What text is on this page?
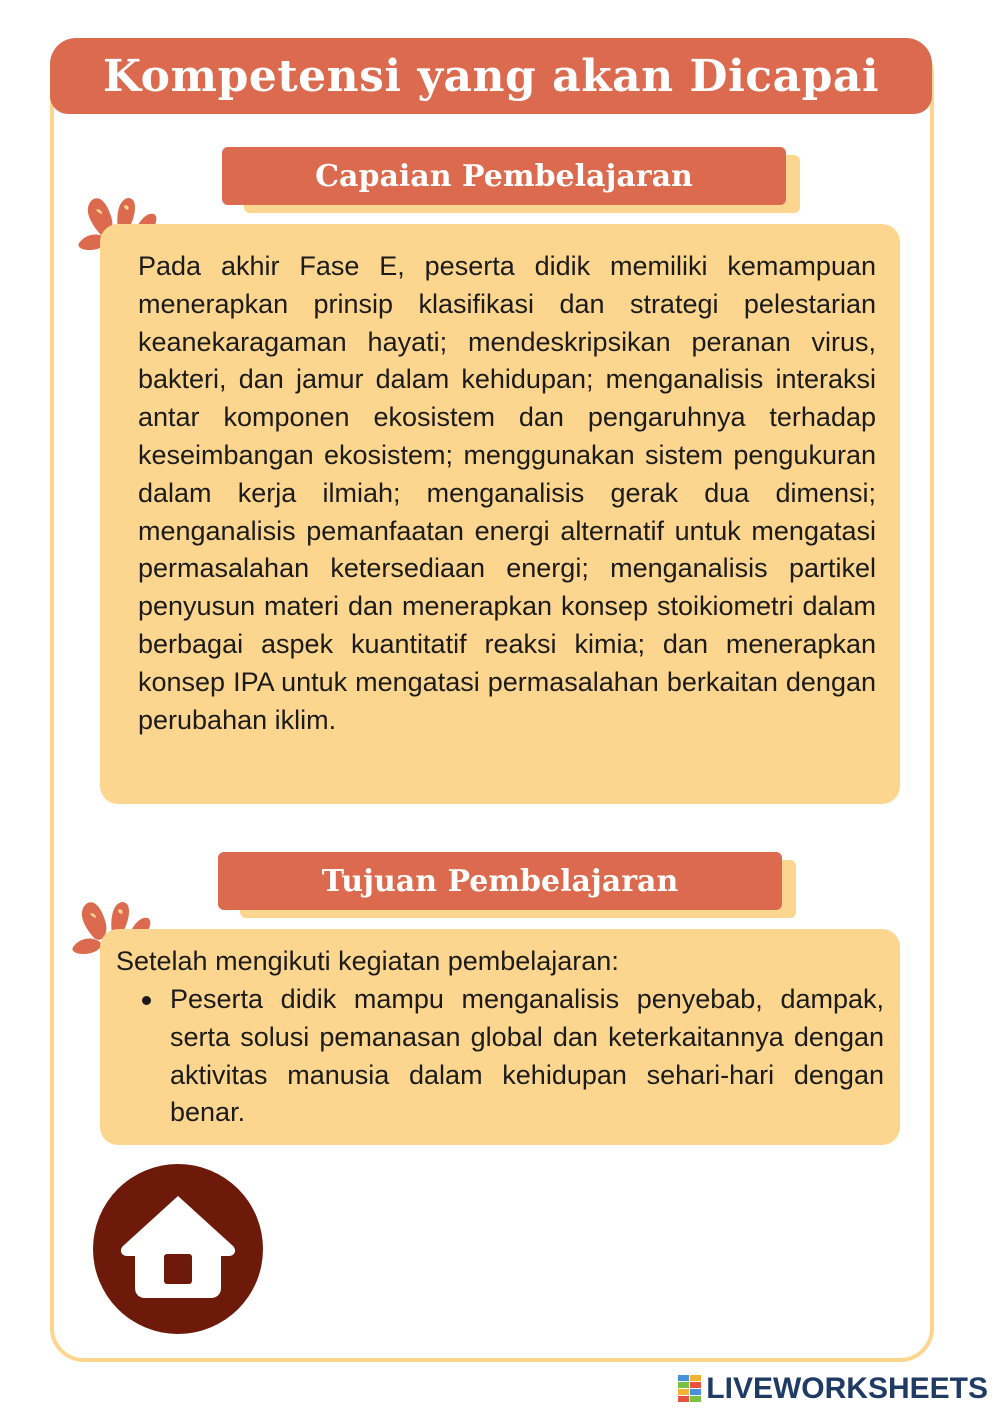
Kompetensi yang akan Dicapai
Capaian Pembelajaran

Pada akhir Fase E, peserta didik memiliki kemampuan menerapkan prinsip klasifikasi dan strategi pelestarian keanekaragaman hayati; mendeskripsikan peranan virus, bakteri, dan jamur dalam kehidupan; menganalisis interaksi antar komponen ekosistem dan pengaruhnya terhadap keseimbangan ekosistem; menggunakan sistem pengukuran dalam kerja ilmiah; menganalisis gerak dua dimensi; menganalisis pemanfaatan energi alternatif untuk mengatasi permasalahan ketersediaan energi; menganalisis partikel penyusun materi dan menerapkan konsep stoikiometri dalam berbagai aspek kuantitatif reaksi kimia; dan menerapkan konsep IPA untuk mengatasi permasalahan berkaitan dengan perubahan iklim.

Tujuan Pembelajaran

Setelah mengikuti kegiatan pembelajaran:

Peserta didik mampu menganalisis penyebab, dampak, serta solusi pemanasan global dan keterkaitannya dengan aktivitas manusia dalam kehidupan sehari-hari dengan benar.
LIVEWORKSHEETS
